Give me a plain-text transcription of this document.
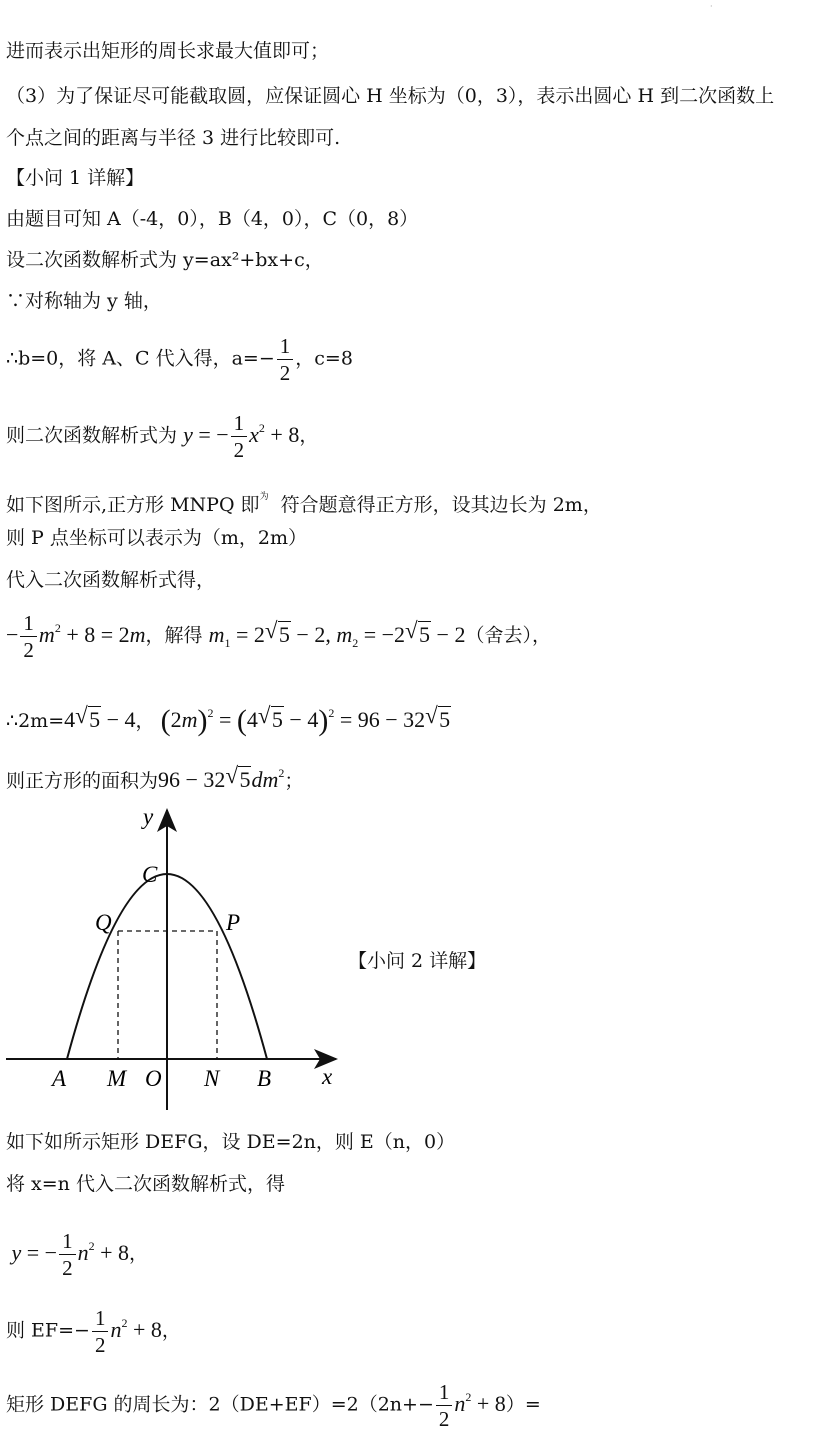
·
进而表示出矩形的周长求最大值即可；
（3）为了保证尽可能截取圆，应保证圆心 H 坐标为（0，3），表示出圆心 H 到二次函数上
个点之间的距离与半径 3 进行比较即可.
【小问 1 详解】
由题目可知 A（-4，0），B（4，0），C（0，8）
设二次函数解析式为 y=ax²+bx+c，
∵对称轴为 y 轴，
∴b=0，将 A、C 代入得，$a=- \frac{1}{2}$ ，c=8
则二次函数解析式为 y = − $\frac{1}{2} x^2 + 8$，
如下图所示,正方形 MNPQ 即$^为$ 符合题意得正方形，设其边长为 2m，
则 P 点坐标可以表示为（m，2m）
代入二次函数解析式得，
− $\frac{1}{2} m^2 + 8 = 2m$，解得 $m_1 = 2√$ 5 − 2, $m_2 = -2√$ 5 − 2（舍去），
∴2m=4√ 5 − 4， $(2m)^2 = (4√$ 5 − 4)$^2$ = 96 − 32√ 5
则正方形的面积为96 − 32√ $5dm^2$；
y
x
C
Q	P
A M O N B
【小问 2 详解】
如下如所示矩形 DEFG，设 DE=2n，则 E（n，0）
将 x=n 代入二次函数解析式，得
y = − $\frac{1}{2} n^2 + 8$，
则 $EF=- \frac{1}{2} n^2 + 8$，
矩形 DEFG 的周长为：$2(DE+EF)=2(2n+- \frac{1}{2} n^2 + 8)=$
